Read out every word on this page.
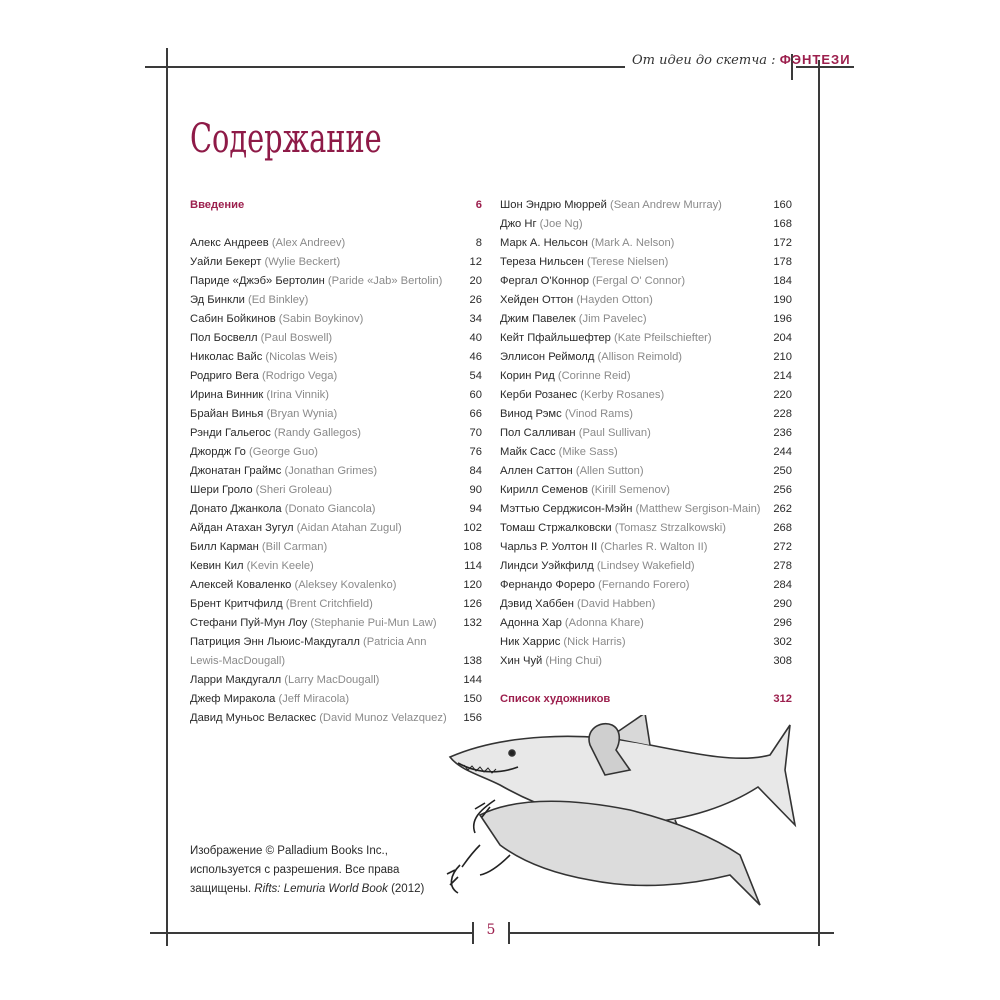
От идеи до скетча : ФЭНТЕЗИ
Содержание
Введение	6
Алекс Андреев (Alex Andreev)	8
Уайли Бекерт (Wylie Beckert)	12
Париде «Джэб» Бертолин (Paride «Jab» Bertolin) 20
Эд Бинкли (Ed Binkley)	26
Сабин Бойкинов (Sabin Boykinov)	34
Пол Босвелл (Paul Boswell)	40
Николас Вайс (Nicolas Weis)	46
Родриго Вега (Rodrigo Vega)	54
Ирина Винник (Irina Vinnik)	60
Брайан Винья (Bryan Wynia)	66
Рэнди Гальегос (Randy Gallegos)	70
Джордж Го (George Guo)	76
Джонатан Граймс (Jonathan Grimes)	84
Шери Гроло (Sheri Groleau)	90
Донато Джанкола (Donato Giancola)	94
Айдан Атахан Зугул (Aidan Atahan Zugul)	102
Билл Карман (Bill Carman)	108
Кевин Кил (Kevin Keele)	114
Алексей Коваленко (Aleksey Kovalenko)	120
Брент Критчфилд (Brent Critchfield)	126
Стефани Пуй-Мун Лоу (Stephanie Pui-Mun Law) 132
Патриция Энн Льюис-Макдугалл (Patricia Ann
Lewis-MacDougall)	138
Ларри Макдугалл (Larry MacDougall)	144
Джеф Миракола (Jeff Miracola)	150
Давид Муньос Веласкес (David Munoz Velazquez) 156
Шон Эндрю Мюррей (Sean Andrew Murray)	160
Джо Нг (Joe Ng)	168
Марк А. Нельсон (Mark A. Nelson)	172
Тереза Нильсен (Terese Nielsen)	178
Фергал О'Коннор (Fergal O' Connor)	184
Хейден Оттон (Hayden Otton)	190
Джим Павелек (Jim Pavelec)	196
Кейт Пфайльшефтер (Kate Pfeilschiefter)	204
Эллисон Реймолд (Allison Reimold)	210
Корин Рид (Corinne Reid)	214
Керби Розанес (Kerby Rosanes)	220
Винод Рэмс (Vinod Rams)	228
Пол Салливан (Paul Sullivan)	236
Майк Сасс (Mike Sass)	244
Аллен Саттон (Allen Sutton)	250
Кирилл Семенов (Kirill Semenov)	256
Мэттью Серджисон-Мэйн (Matthew Sergison-Main) 262
Томаш Стржалковски (Tomasz Strzalkowski)	268
Чарльз Р. Уолтон II (Charles R. Walton II)	272
Линдси Уэйкфилд (Lindsey Wakefield)	278
Фернандо Фореро (Fernando Forero)	284
Дэвид Хаббен (David Habben)	290
Адонна Хар (Adonna Khare)	296
Ник Харрис (Nick Harris)	302
Хин Чуй (Hing Chui)	308
Список художников	312
Изображение © Palladium Books Inc., используется с разрешения. Все права защищены. Rifts: Lemuria World Book (2012)
5
